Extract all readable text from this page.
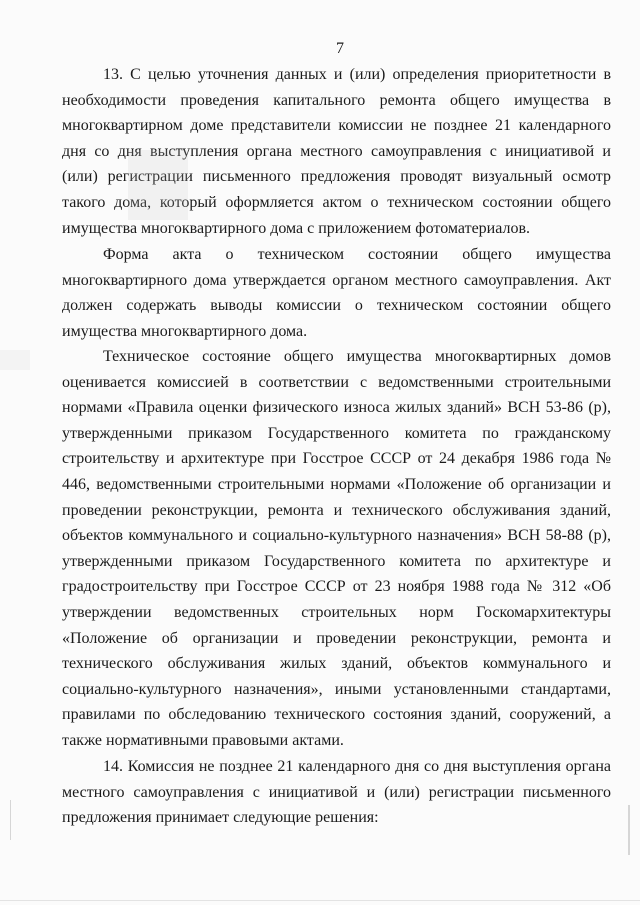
7

13. С целью уточнения данных и (или) определения приоритетности в необходимости проведения капитального ремонта общего имущества в многоквартирном доме представители комиссии не позднее 21 календарного дня со дня выступления органа местного самоуправления с инициативой и (или) регистрации письменного предложения проводят визуальный осмотр такого дома, который оформляется актом о техническом состоянии общего имущества многоквартирного дома с приложением фотоматериалов.

Форма акта о техническом состоянии общего имущества многоквартирного дома утверждается органом местного самоуправления. Акт должен содержать выводы комиссии о техническом состоянии общего имущества многоквартирного дома.

Техническое состояние общего имущества многоквартирных домов оценивается комиссией в соответствии с ведомственными строительными нормами «Правила оценки физического износа жилых зданий» ВСН 53-86 (р), утвержденными приказом Государственного комитета по гражданскому строительству и архитектуре при Госстрое СССР от 24 декабря 1986 года № 446, ведомственными строительными нормами «Положение об организации и проведении реконструкции, ремонта и технического обслуживания зданий, объектов коммунального и социально-культурного назначения» ВСН 58-88 (р), утвержденными приказом Государственного комитета по архитектуре и градостроительству при Госстрое СССР от 23 ноября 1988 года № 312 «Об утверждении ведомственных строительных норм Госкомархитектуры «Положение об организации и проведении реконструкции, ремонта и технического обслуживания жилых зданий, объектов коммунального и социально-культурного назначения», иными установленными стандартами, правилами по обследованию технического состояния зданий, сооружений, а также нормативными правовыми актами.

14. Комиссия не позднее 21 календарного дня со дня выступления органа местного самоуправления с инициативой и (или) регистрации письменного предложения принимает следующие решения:
